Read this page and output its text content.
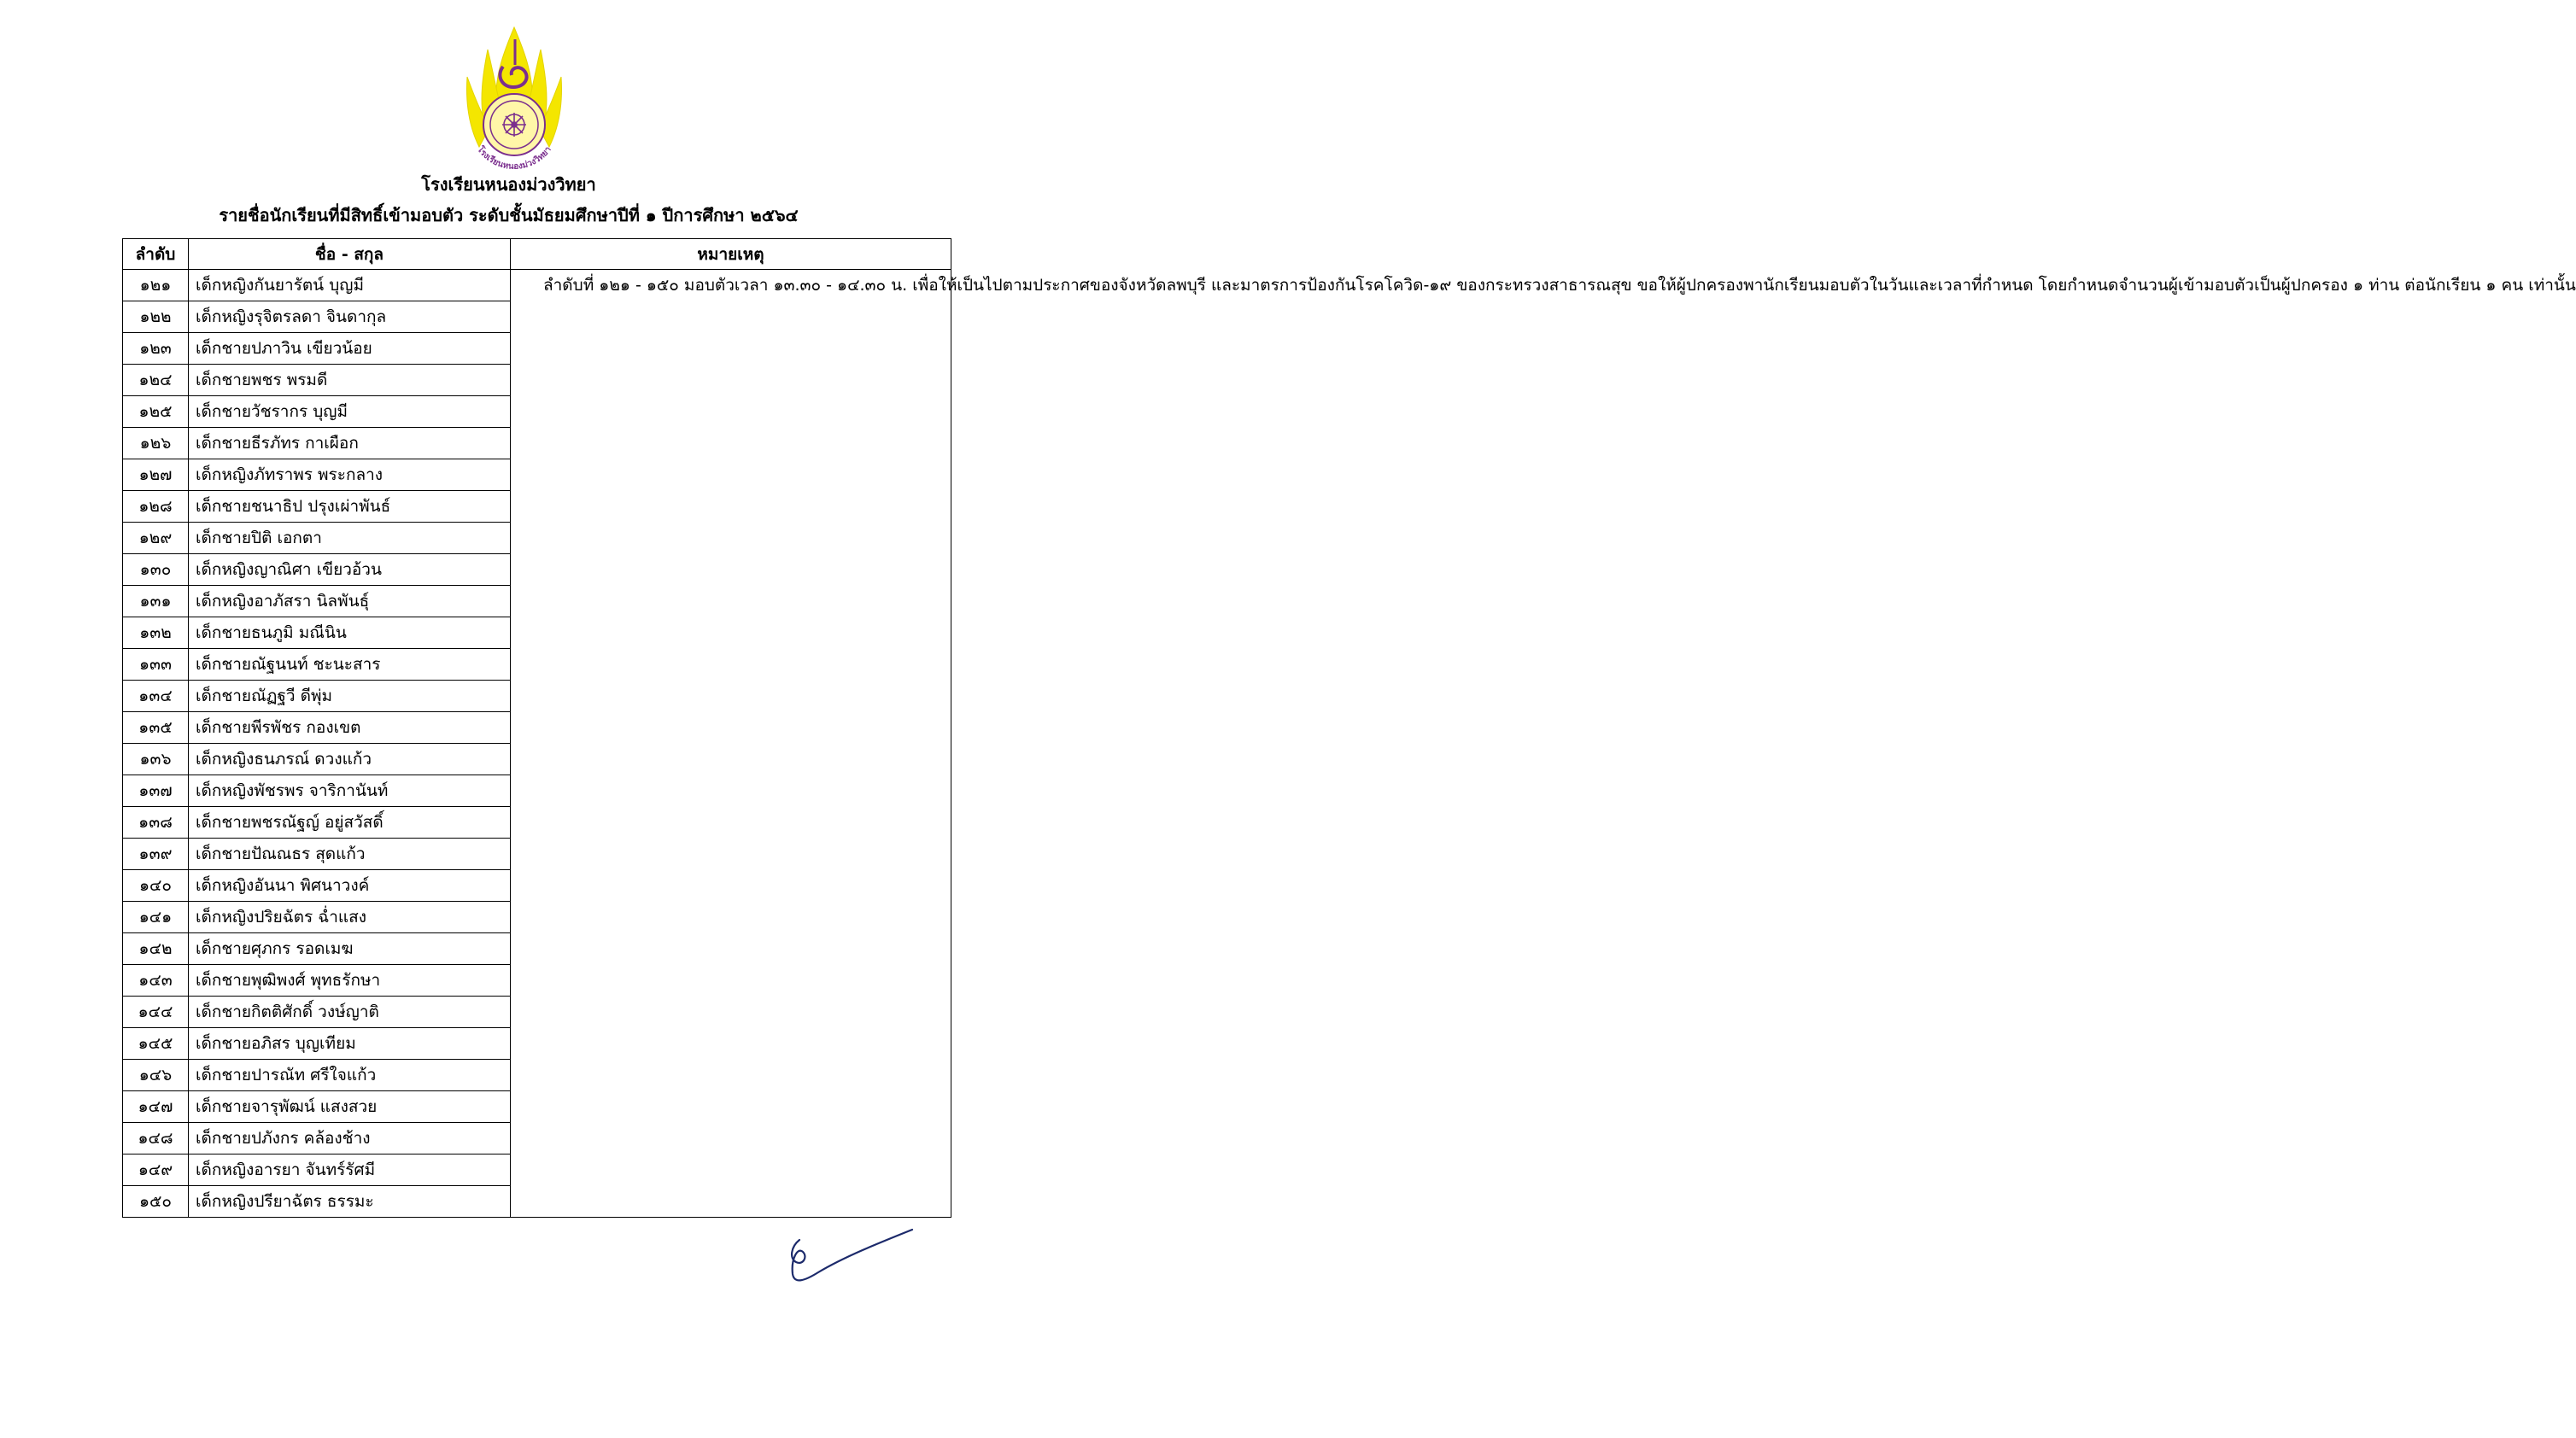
โรงเรียนหนองม่วงวิทยา
โรงเรียนหนองม่วงวิทยา
รายชื่อนักเรียนที่มีสิทธิ์เข้ามอบตัว ระดับชั้นมัธยมศึกษาปีที่ ๑ ปีการศึกษา ๒๕๖๔
ลำดับ	ชื่อ - สกุล	หมายเหตุ
๑๒๑	เด็กหญิงกันยารัตน์ บุญมี	ลำดับที่ ๑๒๑ - ๑๕๐ มอบตัวเวลา ๑๓.๓๐ - ๑๔.๓๐ น. เพื่อให้เป็นไปตามประกาศของจังหวัดลพบุรี และมาตรการป้องกันโรคโควิด-๑๙ ของกระทรวงสาธารณสุข ขอให้ผู้ปกครองพานักเรียนมอบตัวในวันและเวลาที่กำหนด โดยกำหนดจำนวนผู้เข้ามอบตัวเป็นผู้ปกครอง ๑ ท่าน ต่อนักเรียน ๑ คน เท่านั้น

๑๒๒	เด็กหญิงรุจิตรลดา จินดากุล	
๑๒๓	เด็กชายปภาวิน เขียวน้อย	
๑๒๔	เด็กชายพชร พรมดี	
๑๒๕	เด็กชายวัชรากร บุญมี	
๑๒๖	เด็กชายธีรภัทร กาเผือก	
๑๒๗	เด็กหญิงภัทราพร พระกลาง	
๑๒๘	เด็กชายชนาธิป ปรุงเผ่าพันธ์	
๑๒๙	เด็กชายปิติ เอกตา	
๑๓๐	เด็กหญิงญาณิศา เขียวอ้วน	
๑๓๑	เด็กหญิงอาภัสรา นิลพันธุ์	
๑๓๒	เด็กชายธนภูมิ มณีนิน	
๑๓๓	เด็กชายณัฐนนท์ ชะนะสาร	
๑๓๔	เด็กชายณัฏฐวี ดีพุ่ม	
๑๓๕	เด็กชายพีรพัชร กองเขต	
๑๓๖	เด็กหญิงธนภรณ์ ดวงแก้ว	
๑๓๗	เด็กหญิงพัชรพร จาริกานันท์	
๑๓๘	เด็กชายพชรณัฐญ์ อยู่สวัสดิ์	
๑๓๙	เด็กชายปัณณธร สุดแก้ว	
๑๔๐	เด็กหญิงอันนา พิศนาวงค์	
๑๔๑	เด็กหญิงปริยฉัตร ฉ่ำแสง	
๑๔๒	เด็กชายศุภกร รอดเมฆ	
๑๔๓	เด็กชายพุฒิพงศ์ พุทธรักษา	
๑๔๔	เด็กชายกิตติศักดิ์ วงษ์ญาติ	
๑๔๕	เด็กชายอภิสร บุญเทียม	
๑๔๖	เด็กชายปารณัท ศรีใจแก้ว	
๑๔๗	เด็กชายจารุพัฒน์ แสงสวย	
๑๔๘	เด็กชายปภังกร คล้องช้าง	
๑๔๙	เด็กหญิงอารยา จันทร์รัศมี	
๑๕๐	เด็กหญิงปรียาฉัตร ธรรมะ	
